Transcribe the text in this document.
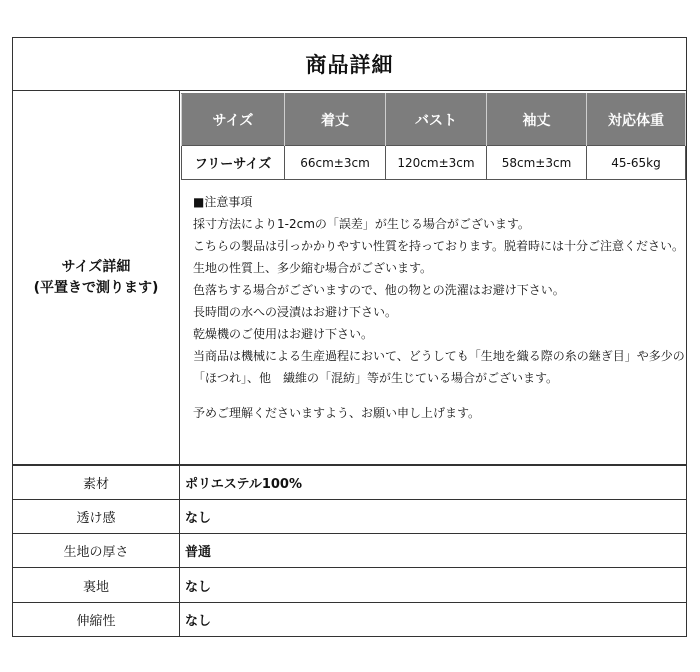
商品詳細
サイズ詳細
(平置きで測ります)
サイズ	着丈	バスト	袖丈	対応体重
フリーサイズ	66cm±3cm	120cm±3cm	58cm±3cm	45-65kg
■注意事項
採寸方法により1-2cmの「誤差」が生じる場合がございます。
こちらの製品は引っかかりやすい性質を持っております。脱着時には十分ご注意ください。
生地の性質上、多少縮む場合がございます。
色落ちする場合がございますので、他の物との洗濯はお避け下さい。
長時間の水への浸漬はお避け下さい。
乾燥機のご使用はお避け下さい。
当商品は機械による生産過程において、どうしても「生地を織る際の糸の継ぎ目」や多少の「ほつれ」、他　繊維の「混紡」等が生じている場合がございます。
予めご理解くださいますよう、お願い申し上げます。
素材	ポリエステル100%
透け感	なし
生地の厚さ	普通
裏地	なし
伸縮性	なし
